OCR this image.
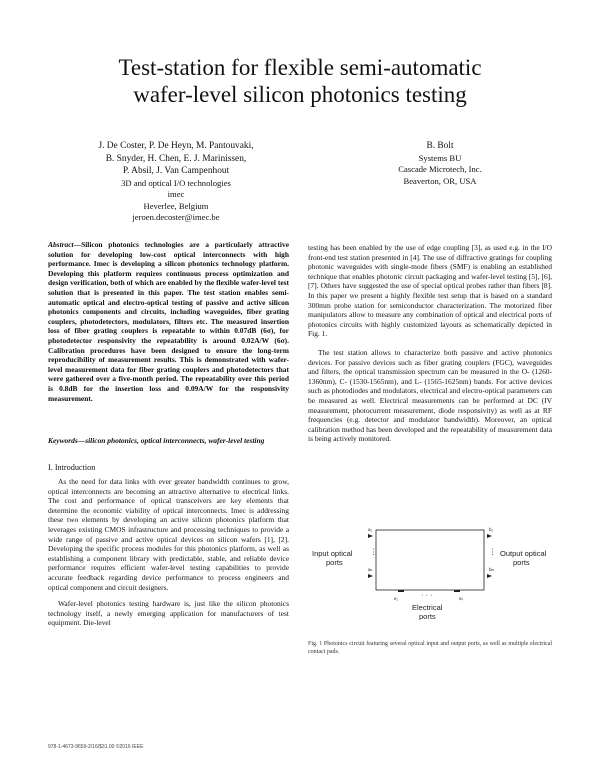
Test-station for flexible semi-automatic
wafer-level silicon photonics testing
J. De Coster, P. De Heyn, M. Pantouvaki,
B. Snyder, H. Chen, E. J. Marinissen,
P. Absil, J. Van Campenhout
3D and optical I/O technologies
imec
Heverlee, Belgium
jeroen.decoster@imec.be
B. Bolt
Systems BU
Cascade Microtech, Inc.
Beaverton, OR, USA
Abstract—Silicon photonics technologies are a particularly attractive solution for developing low-cost optical interconnects with high performance. Imec is developing a silicon photonics technology platform. Developing this platform requires continuous process optimization and design verification, both of which are enabled by the flexible wafer-level test solution that is presented in this paper. The test station enables semi-automatic optical and electro-optical testing of passive and active silicon photonics components and circuits, including waveguides, fiber grating couplers, photodetectors, modulators, filters etc. The measured insertion loss of fiber grating couplers is repeatable to within 0.07dB (6σ), for photodetector responsivity the repeatability is around 0.02A/W (6σ). Calibration procedures have been designed to ensure the long-term reproducibility of measurement results. This is demonstrated with wafer-level measurement data for fiber grating couplers and photodetectors that were gathered over a five-month period. The repeatability over this period is 0.8dB for the insertion loss and 0.09A/W for the responsivity measurement.
Keywords—silicon photonics, optical interconnects, wafer-level testing
I. Introduction

As the need for data links with ever greater bandwidth continues to grow, optical interconnects are becoming an attractive alternative to electrical links. The cost and performance of optical transceivers are key elements that determine the economic viability of optical interconnects. Imec is addressing these two elements by developing an active silicon photonics platform that leverages existing CMOS infrastructure and processing techniques to provide a wide range of passive and active optical devices on silicon wafers [1], [2]. Developing the specific process modules for this photonics platform, as well as establishing a component library with predictable, stable, and reliable device performance requires efficient wafer-level testing capabilities to provide accurate feedback regarding device performance to process engineers and optical component and circuit designers.

Wafer-level photonics testing hardware is, just like the silicon photonics technology itself, a newly emerging application for manufacturers of test equipment. Die-level

testing has been enabled by the use of edge coupling [3], as used e.g. in the I/O front-end test station presented in [4]. The use of diffractive gratings for coupling photonic waveguides with single-mode fibers (SMF) is enabling an established technique that enables photonic circuit packaging and wafer-level testing [5], [6], [7]. Others have suggested the use of special optical probes rather than fibers [8]. In this paper we present a highly flexible test setup that is based on a standard 300mm probe station for semiconductor characterization. The motorized fiber manipulators allow to measure any combination of optical and electrical ports of photonics circuits with highly customized layouts as schematically depicted in Fig. 1.

The test station allows to characterize both passive and active photonics devices. For passive devices such as fiber grating couplers (FGC), waveguides and filters, the optical transmission spectrum can be measured in the O- (1260-1360nm), C- (1530-1565nm), and L- (1565-1625nm) bands. For active devices such as photodiodes and modulators, electrical and electro-optical parameters can be measured as well. Electrical measurements can be performed at DC (IV measurement, photocurrent measurement, diode responsivity) as well as at RF frequencies (e.g. detector and modulator bandwidth). Moreover, an optical calibration method has been developed and the repeatability of measurement data is being actively monitored.

a₁
aₙ
b₁
bₘ
e₁	eₚ
⋮	⋮
· · ·
Input optical
ports
Output optical
ports
Electrical
ports
Fig. 1 Photonics circuit featuring several optical input and output ports, as well as multiple electrical contact pads.
978-1-4673-9659-2/16/$31.00 ©2016 IEEE
